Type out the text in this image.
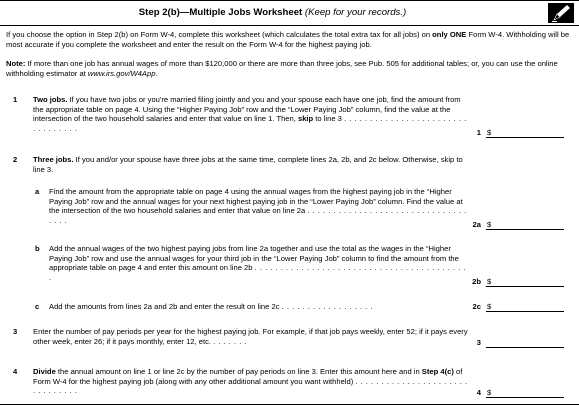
Step 2(b)—Multiple Jobs Worksheet (Keep for your records.)
If you choose the option in Step 2(b) on Form W-4, complete this worksheet (which calculates the total extra tax for all jobs) on only ONE Form W-4. Withholding will be most accurate if you complete the worksheet and enter the result on the Form W-4 for the highest paying job.
Note: If more than one job has annual wages of more than $120,000 or there are more than three jobs, see Pub. 505 for additional tables; or, you can use the online withholding estimator at www.irs.gov/W4App.
1 Two jobs. If you have two jobs or you're married filing jointly and you and your spouse each have one job, find the amount from the appropriate table on page 4. Using the “Higher Paying Job” row and the “Lower Paying Job” column, find the value at the intersection of the two household salaries and enter that value on line 1. Then, skip to line 3 . . . . . . . . . . . . . . . . . . . . . . . . . . . . . . . . .	1 $
2 Three jobs. If you and/or your spouse have three jobs at the same time, complete lines 2a, 2b, and 2c below. Otherwise, skip to line 3.
a Find the amount from the appropriate table on page 4 using the annual wages from the highest paying job in the “Higher Paying Job” row and the annual wages for your next highest paying job in the “Lower Paying Job” column. Find the value at the intersection of the two household salaries and enter that value on line 2a . . . . . . . . . . . . . . . . . . . . . . . . . . . . . . . . . . .	2a $
b Add the annual wages of the two highest paying jobs from line 2a together and use the total as the wages in the “Higher Paying Job” row and use the annual wages for your third job in the “Lower Paying Job” column to find the amount from the appropriate table on page 4 and enter this amount on line 2b . . . . . . . . . . . . . . . . . . . . . . . . . . . . . . . . . . . . . . . . . .	2b $
c Add the amounts from lines 2a and 2b and enter the result on line 2c . . . . . . . . . . . . . . . . . .	2c $
3 Enter the number of pay periods per year for the highest paying job. For example, if that job pays weekly, enter 52; if it pays every other week, enter 26; if it pays monthly, enter 12, etc. . . . . . . .	3
4 Divide the annual amount on line 1 or line 2c by the number of pay periods on line 3. Enter this amount here and in Step 4(c) of Form W-4 for the highest paying job (along with any other additional amount you want withheld) . . . . . . . . . . . . . . . . . . . . . . . . . . . . . . .	4 $
